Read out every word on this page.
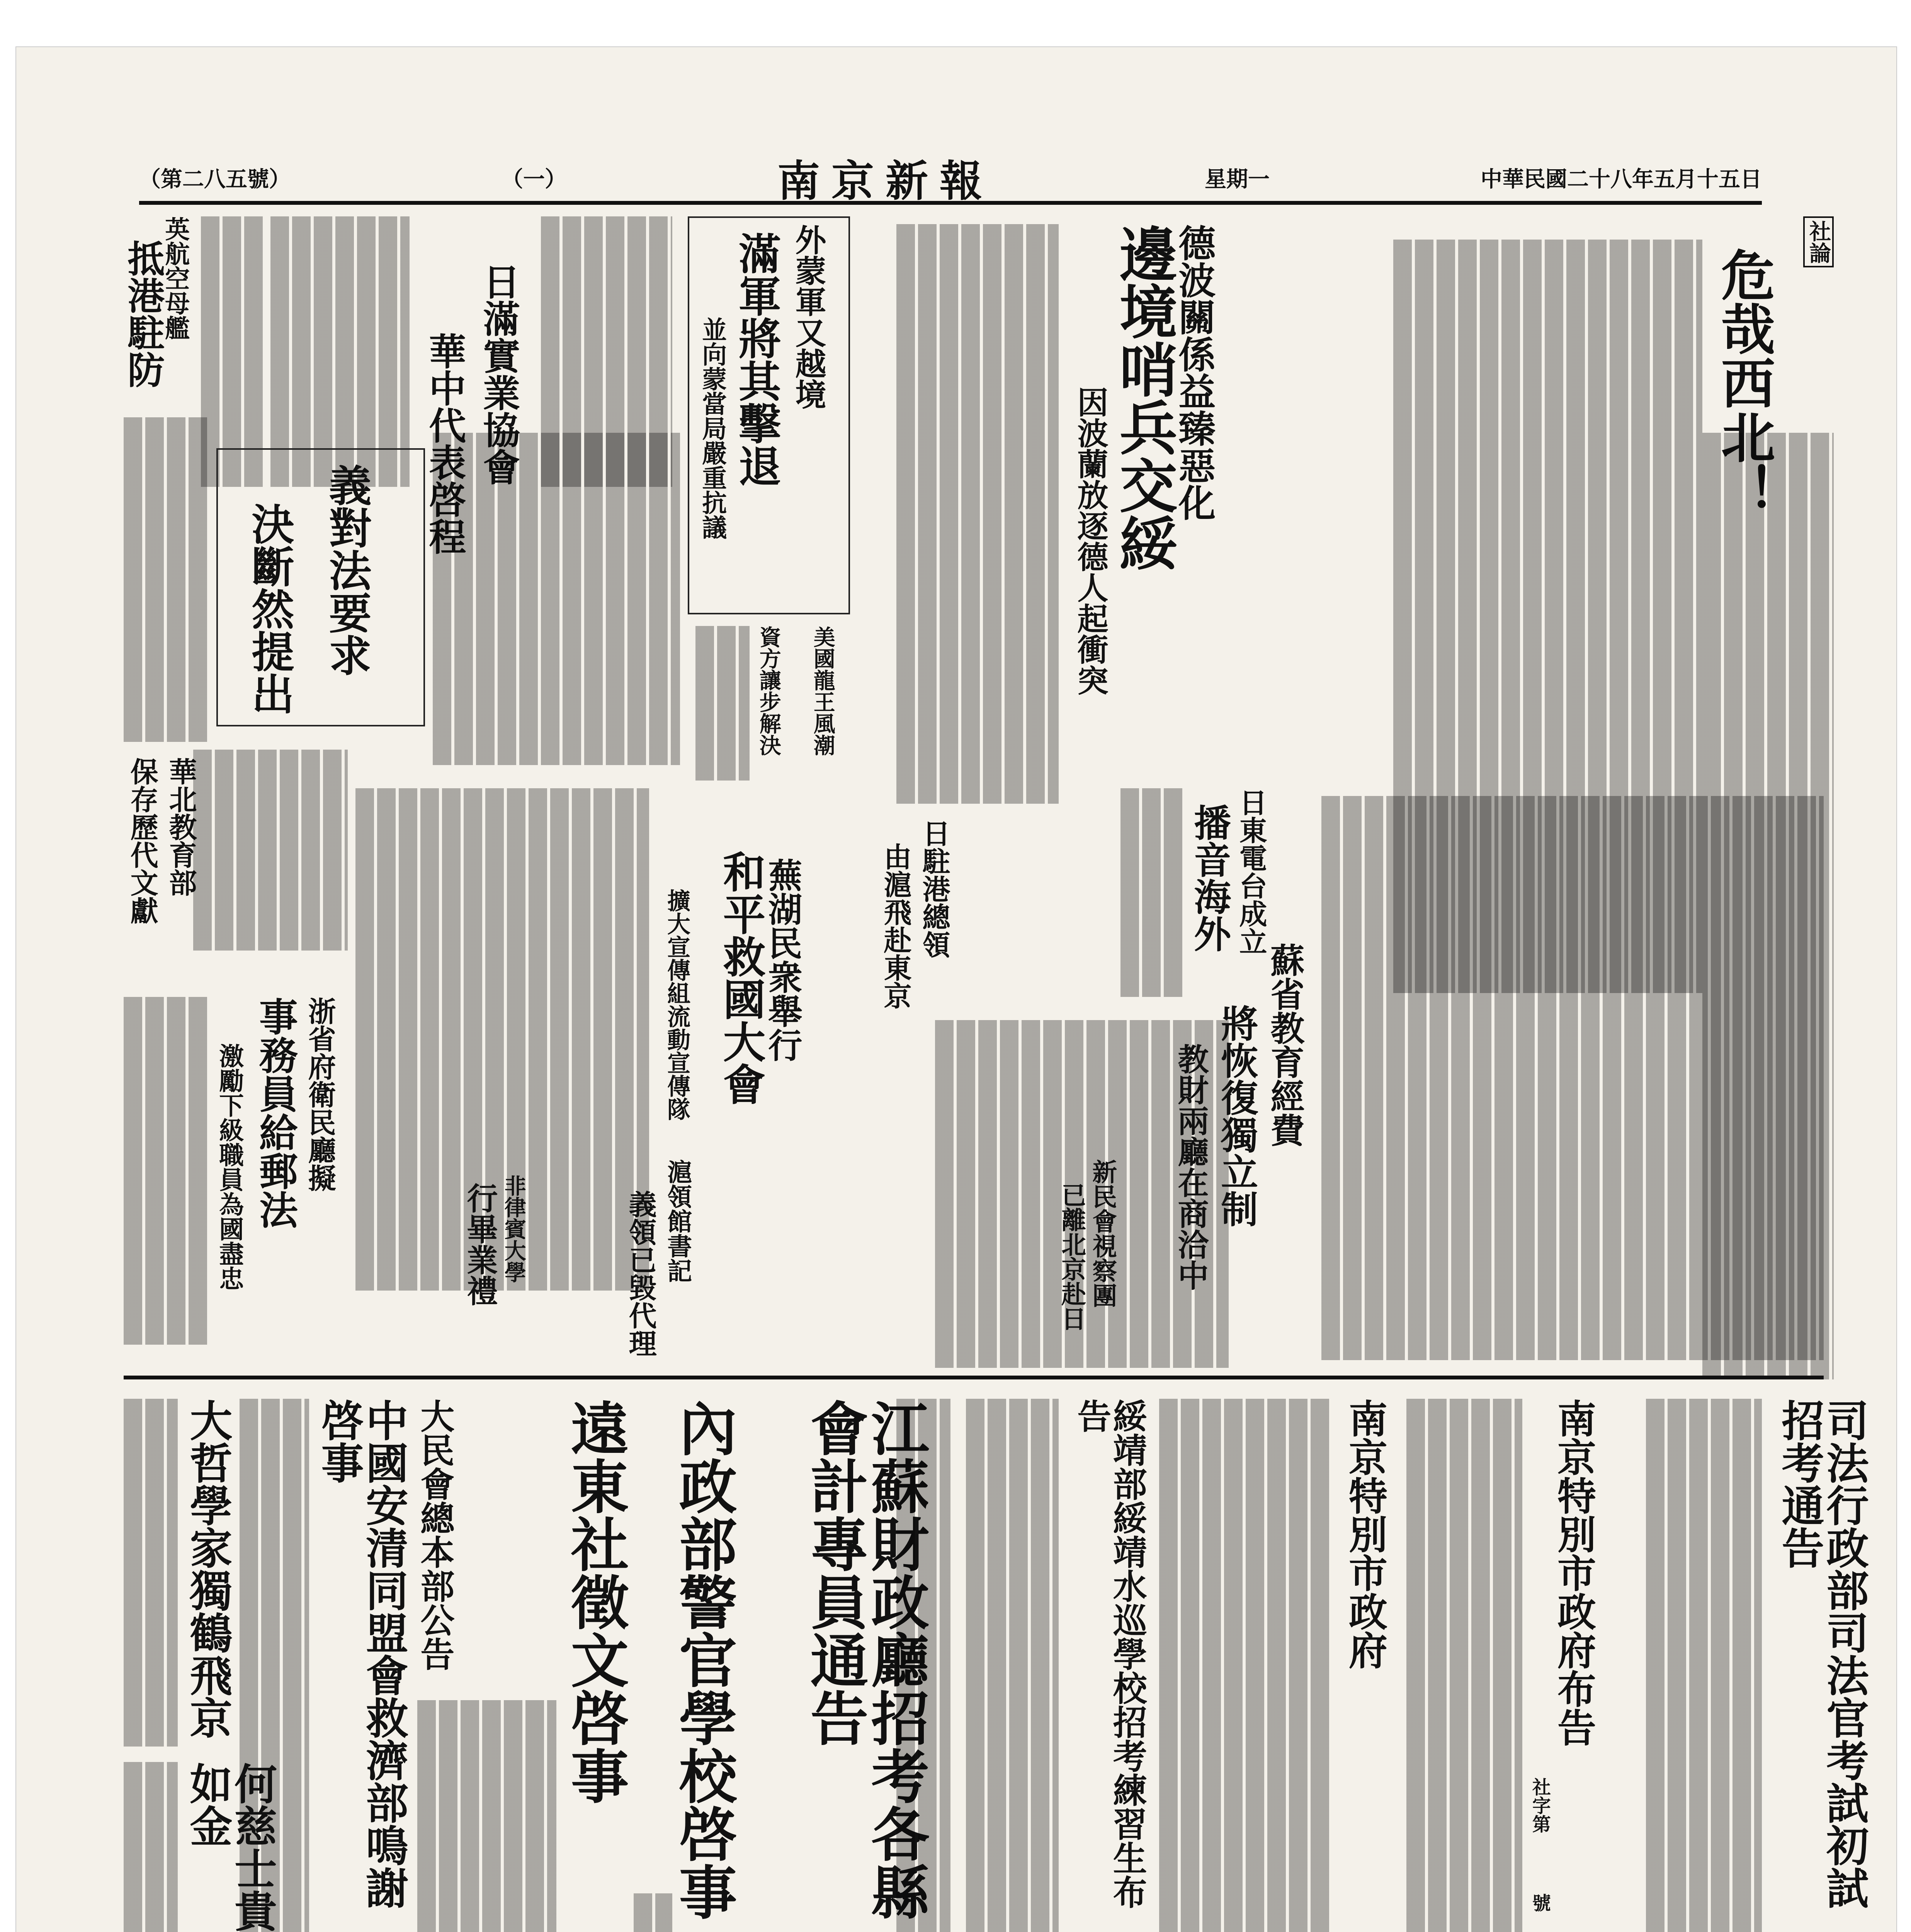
（第二八五號）	（一）	南京新報	星期一	中華民國二十八年五月十五日
社論
危哉西北！
德波關係益臻惡化
邊境哨兵交綏
因波蘭放逐德人起衝突
外蒙軍又越境
滿軍將其擊退
並向蒙當局嚴重抗議
日滿實業協會
華中代表啓程
英航空母艦
抵港駐防
義對法要求
決斷然提出	美國龍王風潮
資方讓步解決
日駐港總領
由滬飛赴東京
蕪湖民衆舉行
和平救國大會
擴大宣傳組流動宣傳隊
日東電台成立
播音海外
蘇省教育經費
將恢復獨立制
教財兩廳在商洽中
新民會視察團
已離北京赴日
華北教育部
保存歷代文獻
浙省府衛民廳擬
事務員給郵法
激勵下級職員為國盡忠	滬領館書記
義領已毀代理
非律賓大學
行畢業禮
司法行政部司法官考試初試招考通告
南京特別市政府布告
社字第
號
南京特別市政府
綏靖部綏靖水巡學校招考練習生布告
江蘇財政廳招考各縣會計專員通告
內政部警官學校啓事
遠東社徵文啓事
大民會總本部公告
中國安清同盟會救濟部鳴謝啓事
大哲學家獨鶴飛京
何慈士貴如金
